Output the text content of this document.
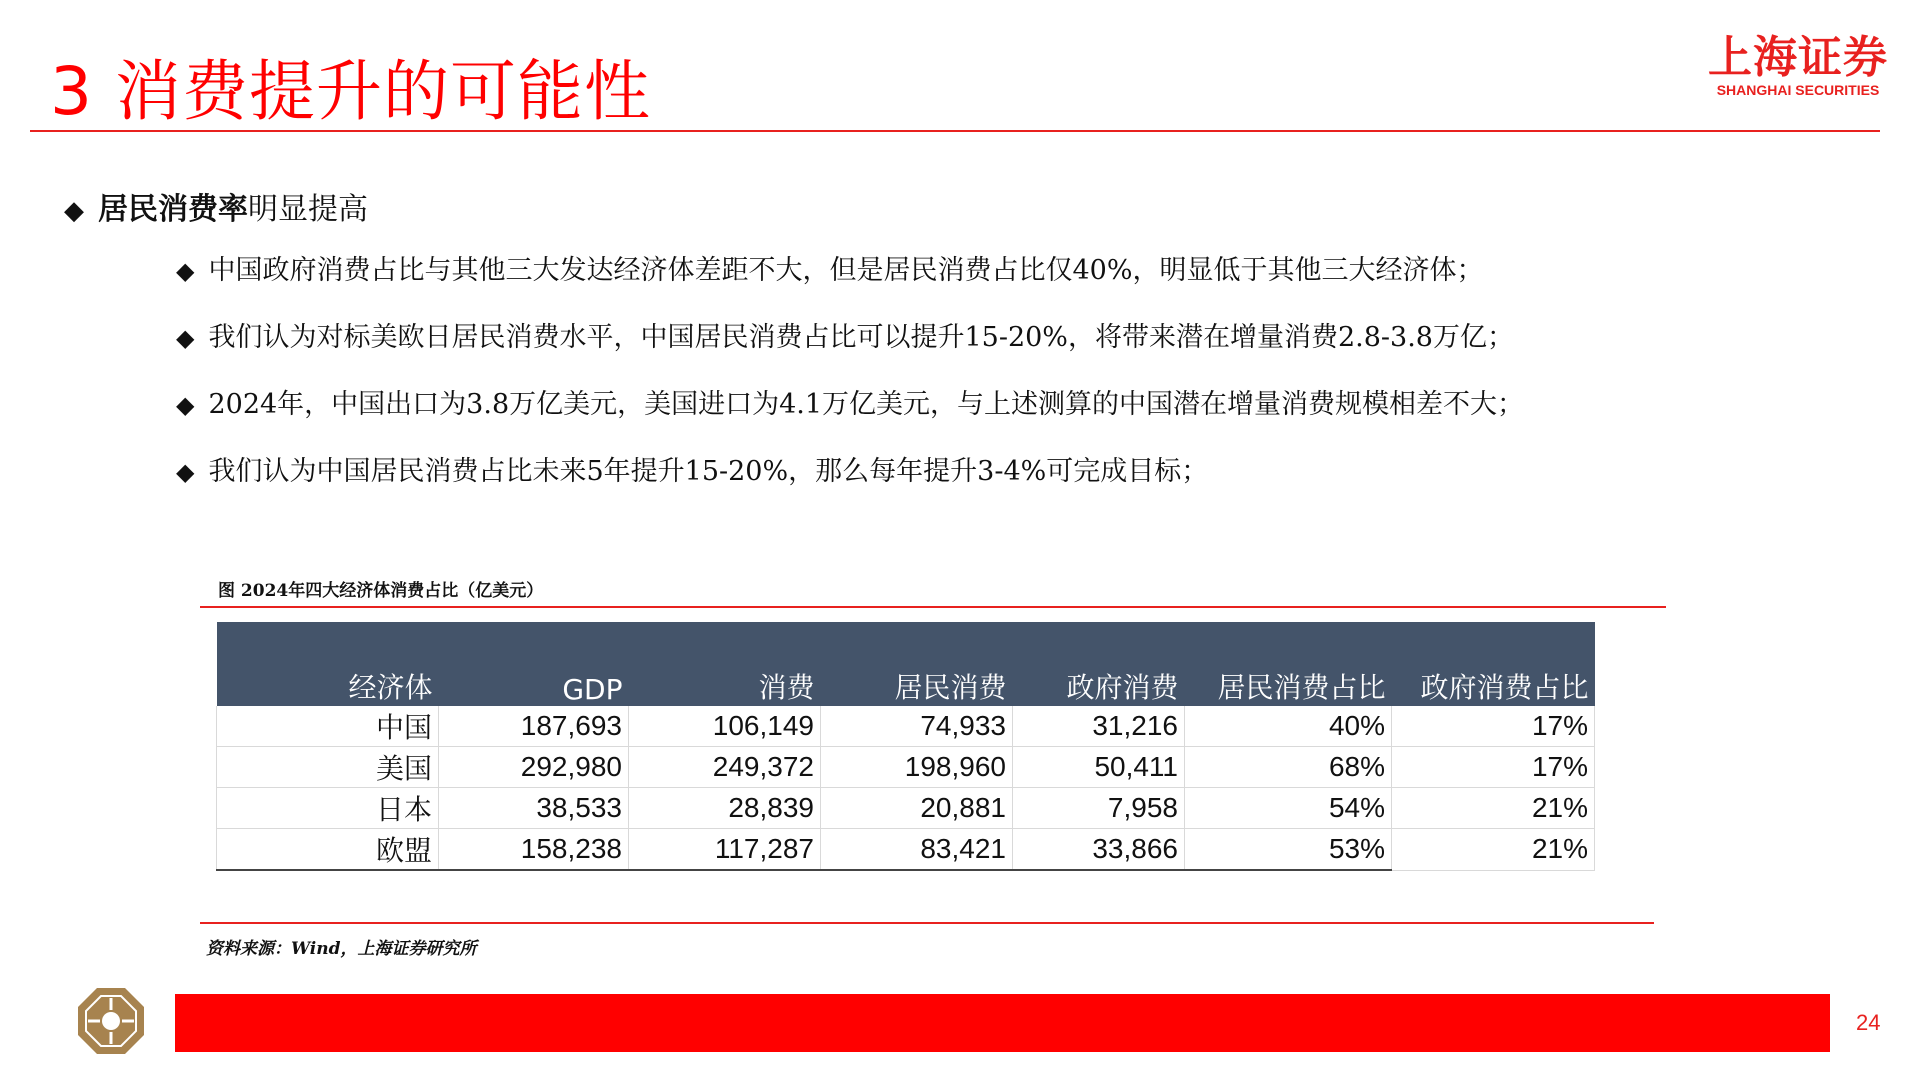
3 消费提升的可能性	上海证券
SHANGHAI SECURITIES
◆ 居民消费率明显提高
◆ 中国政府消费占比与其他三大发达经济体差距不大，但是居民消费占比仅40%，明显低于其他三大经济体；
◆ 我们认为对标美欧日居民消费水平，中国居民消费占比可以提升15-20%，将带来潜在增量消费2.8-3.8万亿；
◆ 2024年，中国出口为3.8万亿美元，美国进口为4.1万亿美元，与上述测算的中国潜在增量消费规模相差不大；
◆ 我们认为中国居民消费占比未来5年提升15-20%，那么每年提升3-4%可完成目标；
图 2024年四大经济体消费占比（亿美元）
经济体	GDP	消费	居民消费	政府消费	居民消费占比	政府消费占比
中国	187,693	106,149	74,933	31,216	40%	17%
美国	292,980	249,372	198,960	50,411	68%	17%
日本	38,533	28,839	20,881	7,958	54%	21%
欧盟	158,238	117,287	83,421	33,866	53%	21%
资料来源：Wind，上海证券研究所
24
